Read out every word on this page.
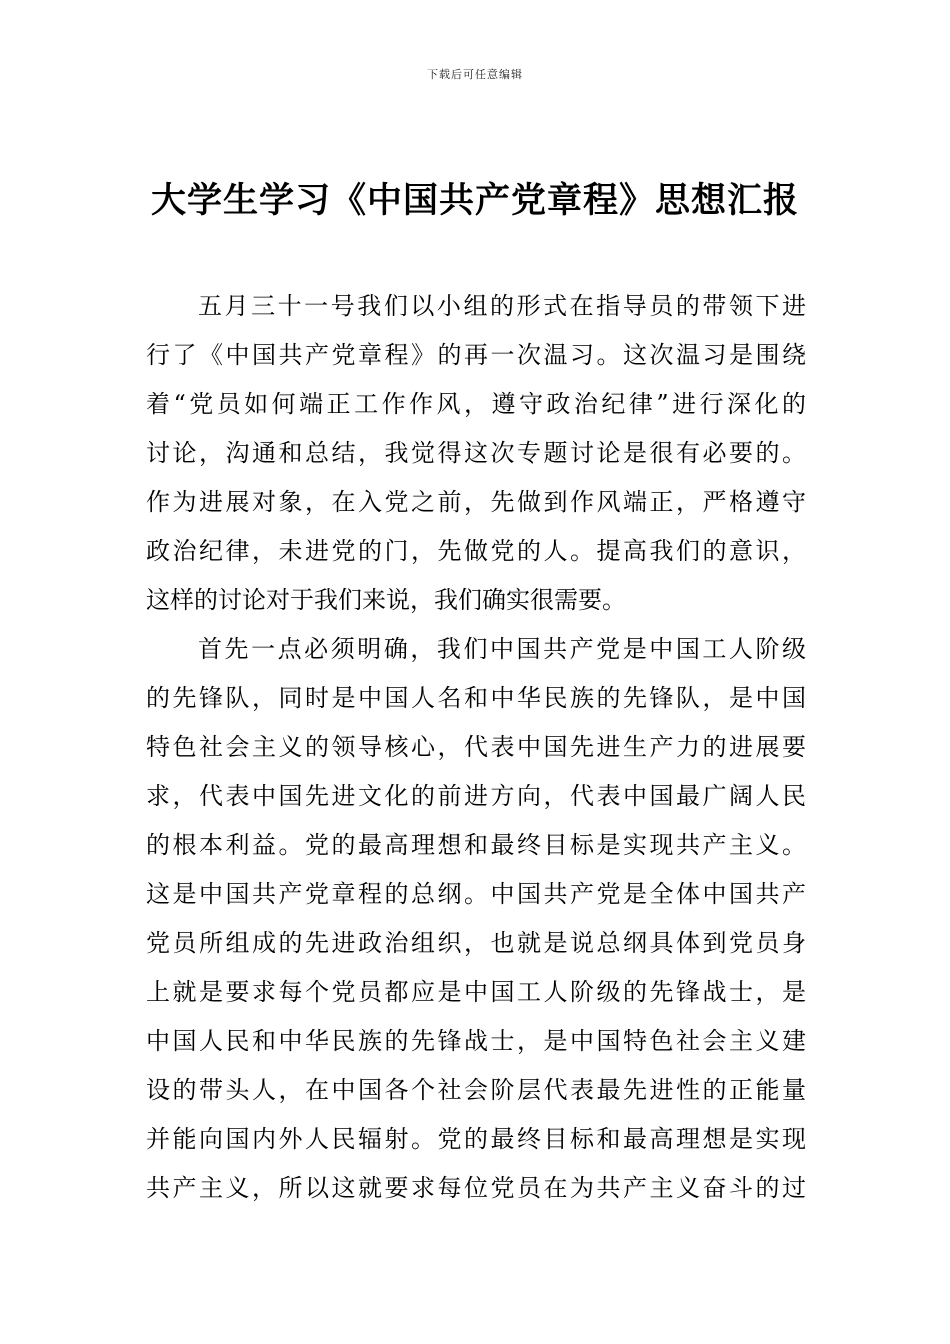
下载后可任意编辑
大学生学习《中国共产党章程》思想汇报
五月三十一号我们以小组的形式在指导员的带领下进
行了《中国共产党章程》的再一次温习。这次温习是围绕
着“党员如何端正工作作风，遵守政治纪律”进行深化的
讨论，沟通和总结，我觉得这次专题讨论是很有必要的。
作为进展对象，在入党之前，先做到作风端正，严格遵守
政治纪律，未进党的门，先做党的人。提高我们的意识，
这样的讨论对于我们来说，我们确实很需要。
首先一点必须明确，我们中国共产党是中国工人阶级
的先锋队，同时是中国人名和中华民族的先锋队，是中国
特色社会主义的领导核心，代表中国先进生产力的进展要
求，代表中国先进文化的前进方向，代表中国最广阔人民
的根本利益。党的最高理想和最终目标是实现共产主义。
这是中国共产党章程的总纲。中国共产党是全体中国共产
党员所组成的先进政治组织，也就是说总纲具体到党员身
上就是要求每个党员都应是中国工人阶级的先锋战士，是
中国人民和中华民族的先锋战士，是中国特色社会主义建
设的带头人，在中国各个社会阶层代表最先进性的正能量
并能向国内外人民辐射。党的最终目标和最高理想是实现
共产主义，所以这就要求每位党员在为共产主义奋斗的过
